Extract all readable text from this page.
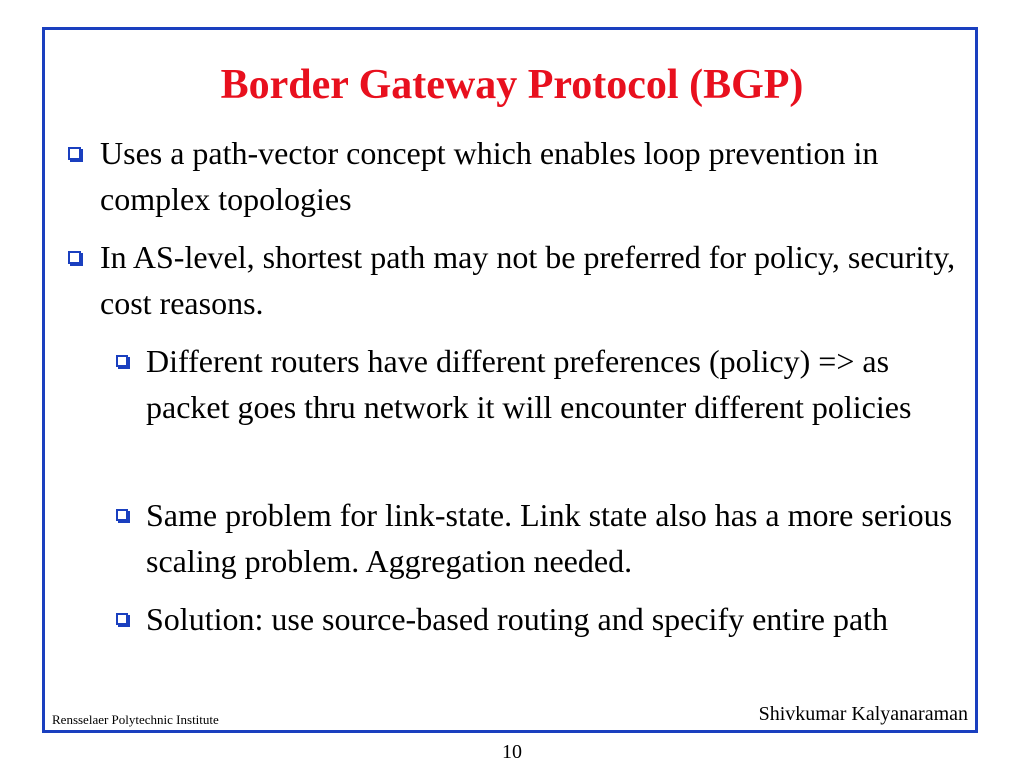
Border Gateway Protocol (BGP)
Uses a path-vector concept which enables loop prevention in complex topologies
In AS-level, shortest path may not be preferred for policy, security, cost reasons.
Different routers have different preferences (policy) => as packet goes thru network it will encounter different policies
Same problem for link-state. Link state also has a more serious scaling problem. Aggregation needed.
Solution: use source-based routing and specify entire path
Rensselaer Polytechnic Institute	Shivkumar Kalyanaraman
10
